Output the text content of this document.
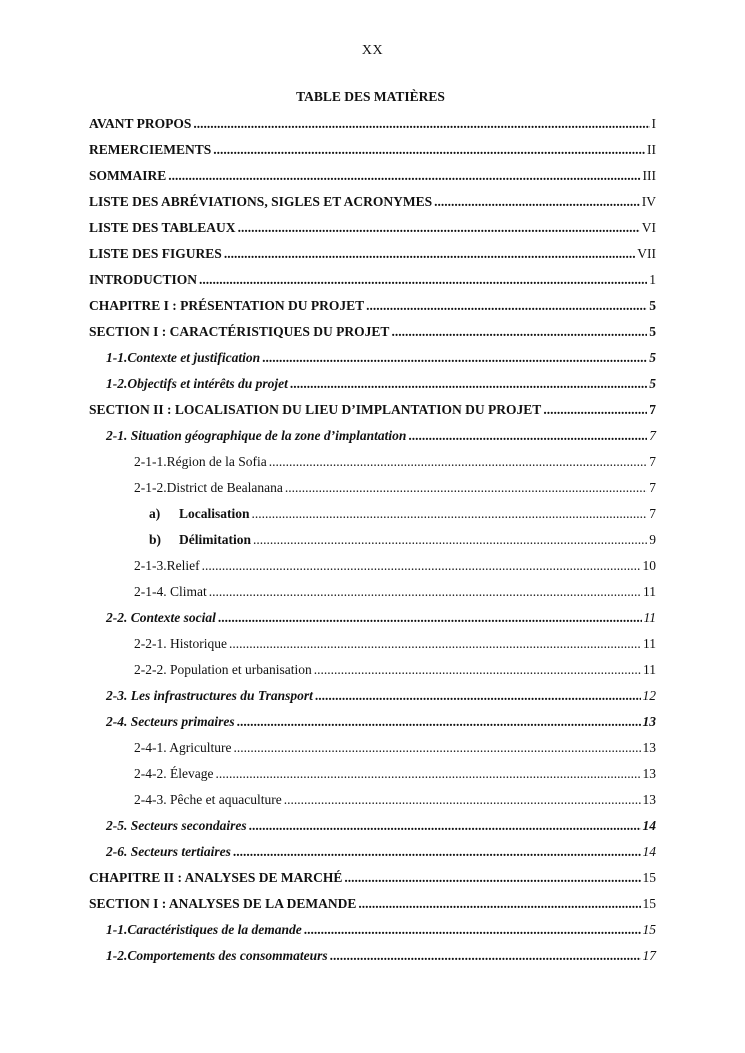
XX
TABLE DES MATIÈRES
AVANT PROPOS .....	I
REMERCIEMENTS .....	II
SOMMAIRE .....	III
LISTE DES ABRÉVIATIONS, SIGLES ET ACRONYMES .....	IV
LISTE DES TABLEAUX .....	VI
LISTE DES FIGURES .....	VII
INTRODUCTION .....	1
CHAPITRE I : PRÉSENTATION DU PROJET .....	5
SECTION I : CARACTÉRISTIQUES DU PROJET .....	5
1-1.Contexte et justification .....	5
1-2.Objectifs et intérêts du projet .....	5
SECTION II : LOCALISATION DU LIEU D’IMPLANTATION DU PROJET .....	7
2-1. Situation géographique de la zone d’implantation .....	7
2-1-1.Région de la Sofia .....	7
2-1-2.District de Bealanana .....	7
a) Localisation .....	7
b) Délimitation .....	9
2-1-3.Relief .....	10
2-1-4. Climat .....	11
2-2. Contexte social .....	11
2-2-1. Historique .....	11
2-2-2. Population et urbanisation .....	11
2-3. Les infrastructures du Transport .....	12
2-4. Secteurs primaires .....	13
2-4-1. Agriculture .....	13
2-4-2. Élevage .....	13
2-4-3. Pêche et aquaculture .....	13
2-5. Secteurs secondaires .....	14
2-6. Secteurs tertiaires .....	14
CHAPITRE II : ANALYSES DE MARCHÉ .....	15
SECTION I : ANALYSES DE LA DEMANDE .....	15
1-1.Caractéristiques de la demande .....	15
1-2.Comportements des consommateurs .....	17
